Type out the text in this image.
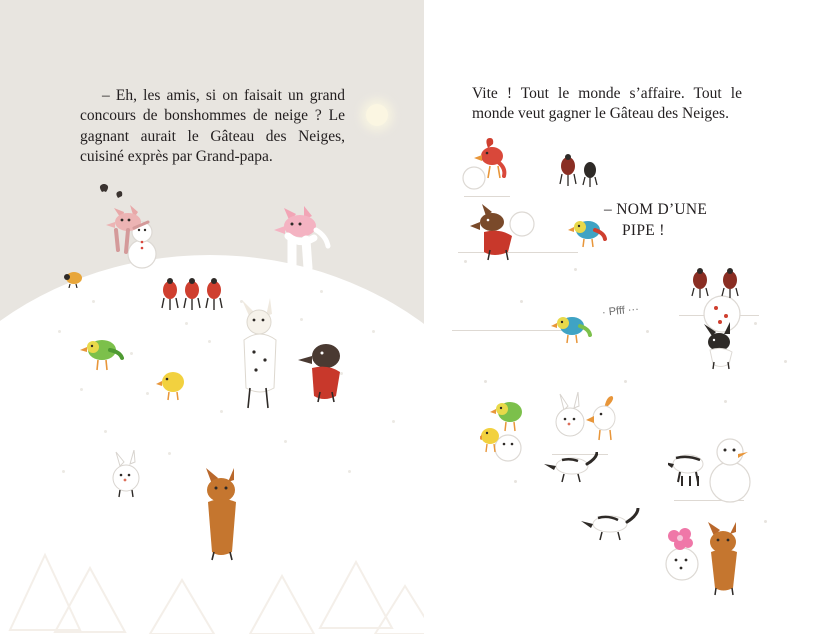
– Eh, les amis, si on faisait un grand concours de bonshommes de neige ? Le gagnant aurait le Gâteau des Neiges, cuisiné exprès par Grand-papa.

Vite ! Tout le monde s’affaire. Tout le monde veut gagner le Gâteau des Neiges.

– NOM D’UNE
PIPE !
· Pfff ···
